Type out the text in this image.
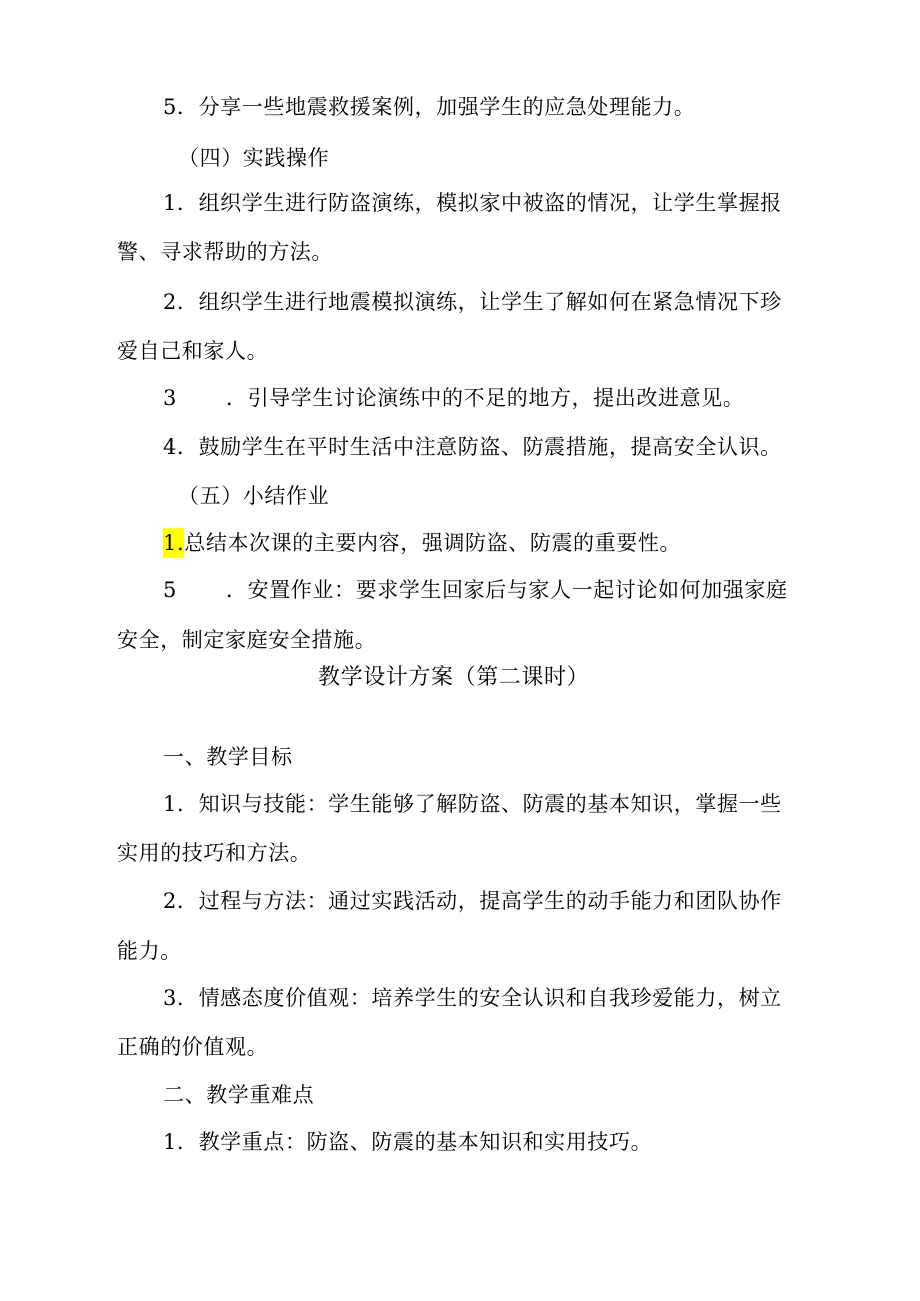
5．分享一些地震救援案例，加强学生的应急处理能力。
（四）实践操作
1．组织学生进行防盗演练，模拟家中被盗的情况，让学生掌握报
警、寻求帮助的方法。
2．组织学生进行地震模拟演练，让学生了解如何在紧急情况下珍
爱自己和家人。
3 ．引导学生讨论演练中的不足的地方，提出改进意见。
4．鼓励学生在平时生活中注意防盗、防震措施，提高安全认识。
（五）小结作业
1.总结本次课的主要内容，强调防盗、防震的重要性。
5 ．安置作业：要求学生回家后与家人一起讨论如何加强家庭
安全，制定家庭安全措施。
教学设计方案（第二课时）
一、教学目标
1．知识与技能：学生能够了解防盗、防震的基本知识，掌握一些
实用的技巧和方法。
2．过程与方法：通过实践活动，提高学生的动手能力和团队协作
能力。
3．情感态度价值观：培养学生的安全认识和自我珍爱能力，树立
正确的价值观。
二、教学重难点
1．教学重点：防盗、防震的基本知识和实用技巧。
